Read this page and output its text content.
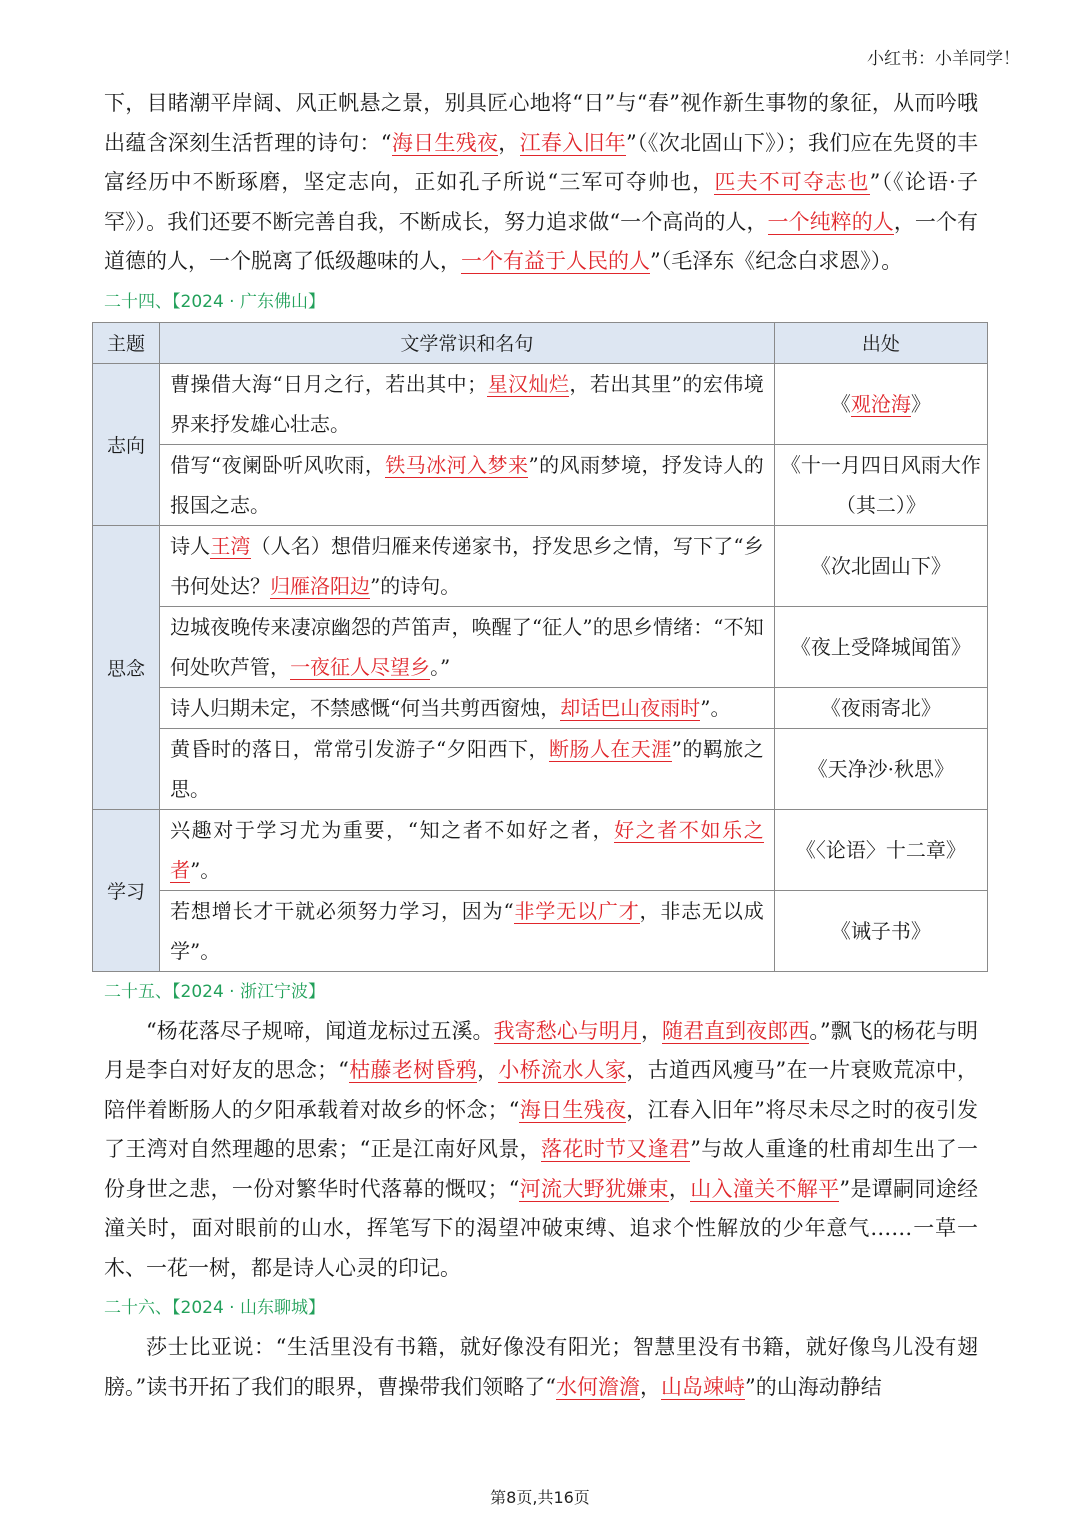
小红书：小羊同学！

下，目睹潮平岸阔、风正帆悬之景，别具匠心地将“日”与“春”视作新生事物的象征，从而吟哦出蕴含深刻生活哲理的诗句：“海日生残夜，江春入旧年”（《次北固山下》）；我们应在先贤的丰富经历中不断琢磨，坚定志向，正如孔子所说“三军可夺帅也，匹夫不可夺志也”（《论语·子罕》）。我们还要不断完善自我，不断成长，努力追求做“一个高尚的人，一个纯粹的人，一个有道德的人，一个脱离了低级趣味的人，一个有益于人民的人”（毛泽东《纪念白求恩》）。

二十四、【2024 · 广东佛山】
主题	文学常识和名句	出处
志向	曹操借大海“日月之行，若出其中；星汉灿烂，若出其里”的宏伟境界来抒发雄心壮志。	《观沧海》
	借写“夜阑卧听风吹雨，铁马冰河入梦来”的风雨梦境，抒发诗人的报国之志。	《十一月四日风雨大作（其二）》
思念	诗人王湾（人名）想借归雁来传递家书，抒发思乡之情，写下了“乡书何处达？归雁洛阳边”的诗句。	《次北固山下》
	边城夜晚传来凄凉幽怨的芦笛声，唤醒了“征人”的思乡情绪：“不知何处吹芦管，一夜征人尽望乡。”	《夜上受降城闻笛》
	诗人归期未定，不禁感慨“何当共剪西窗烛，却话巴山夜雨时”。	《夜雨寄北》
	黄昏时的落日，常常引发游子“夕阳西下，断肠人在天涯”的羁旅之思。	《天净沙·秋思》
学习	兴趣对于学习尤为重要，“知之者不如好之者，好之者不如乐之者”。	《〈论语〉十二章》
	若想增长才干就必须努力学习，因为“非学无以广才，非志无以成学”。	《诫子书》
二十五、【2024 · 浙江宁波】

“杨花落尽子规啼，闻道龙标过五溪。我寄愁心与明月，随君直到夜郎西。”飘飞的杨花与明月是李白对好友的思念；“枯藤老树昏鸦，小桥流水人家，古道西风瘦马”在一片衰败荒凉中，陪伴着断肠人的夕阳承载着对故乡的怀念；“海日生残夜，江春入旧年”将尽未尽之时的夜引发了王湾对自然理趣的思索；“正是江南好风景，落花时节又逢君”与故人重逢的杜甫却生出了一份身世之悲，一份对繁华时代落幕的慨叹；“河流大野犹嫌束，山入潼关不解平”是谭嗣同途经潼关时，面对眼前的山水，挥笔写下的渴望冲破束缚、追求个性解放的少年意气……一草一木、一花一树，都是诗人心灵的印记。

二十六、【2024 · 山东聊城】

莎士比亚说：“生活里没有书籍，就好像没有阳光；智慧里没有书籍，就好像鸟儿没有翅膀。”读书开拓了我们的眼界，曹操带我们领略了“水何澹澹，山岛竦峙”的山海动静结

第8页,共16页
